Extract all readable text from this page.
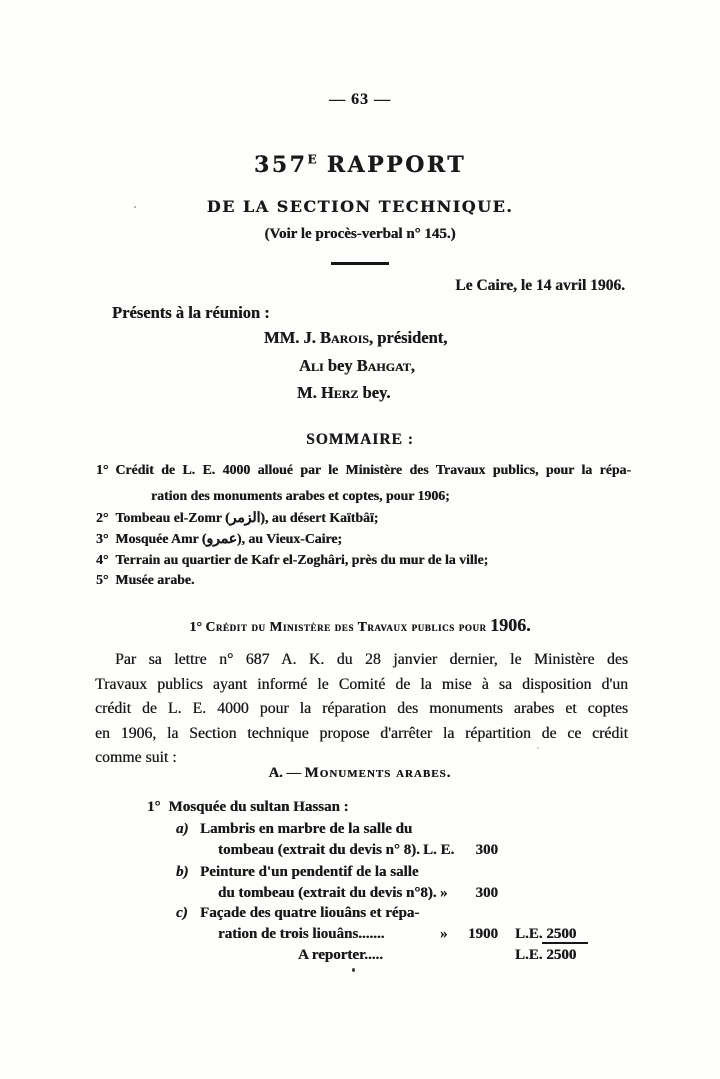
— 63 —
$357^E$ RAPPORT
DE LA SECTION TECHNIQUE.
(Voir le procès-verbal n° 145.)
Le Caire, le 14 avril 1906.
Présents à la réunion :
MM. J. Barois, président,
Ali bey Bahgat,
M. Herz bey.
SOMMAIRE :
1° Crédit de L. E. 4000 alloué par le Ministère des Travaux publics, pour la répa-
ration des monuments arabes et coptes, pour 1906;
2° Tombeau el-Zomr (الزمر), au désert Kaïtbâï;
3° Mosquée Amr (عمرو), au Vieux-Caire;
4° Terrain au quartier de Kafr el-Zoghâri, près du mur de la ville;
5° Musée arabe.
1° Crédit du Ministère des Travaux publics pour 1906.
Par sa lettre n° 687 A. K. du 28 janvier dernier, le Ministère des
Travaux publics ayant informé le Comité de la mise à sa disposition d'un
crédit de L. E. 4000 pour la réparation des monuments arabes et coptes
en 1906, la Section technique propose d'arrêter la répartition de ce crédit
comme suit :
A. — Monuments arabes.
1° Mosquée du sultan Hassan :
a) Lambris en marbre de la salle du
tombeau (extrait du devis n° 8). L. E.	300
b) Peinture d'un pendentif de la salle
du tombeau (extrait du devis n°8). »	300
c) Façade des quatre liouâns et répa-
ration de trois liouâns.......	»	1900 L.E. 2500
A reporter.....	L.E. 2500
